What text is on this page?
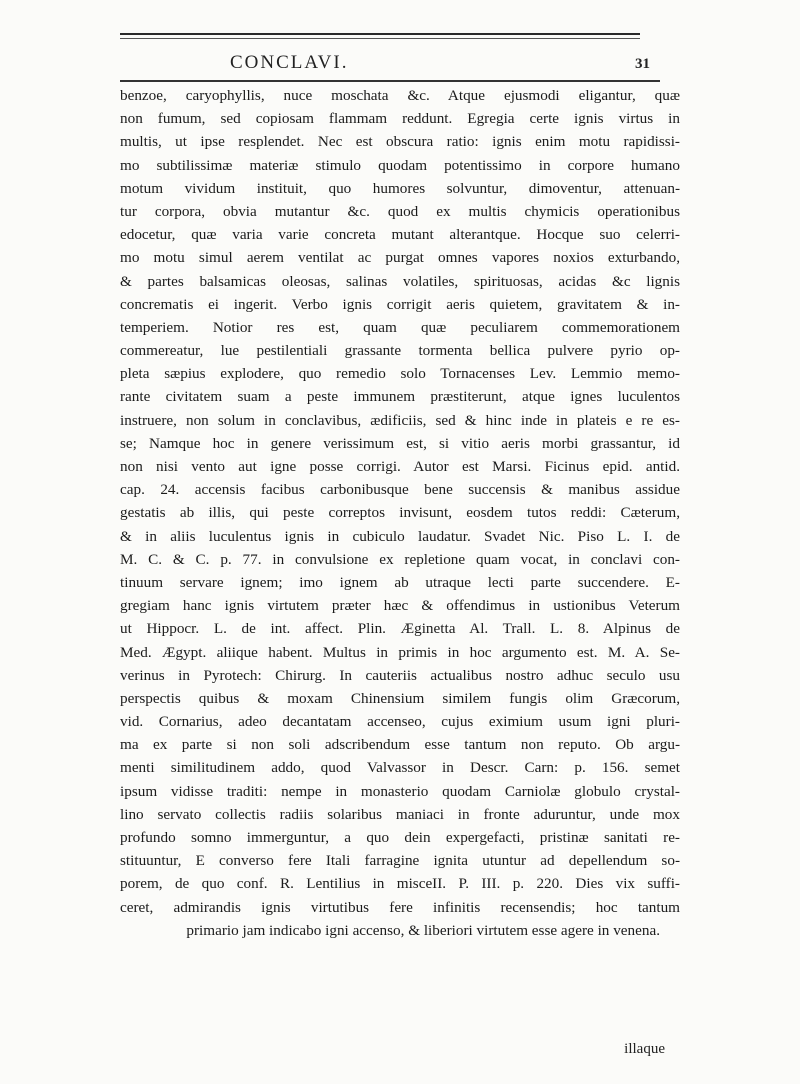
CONCLAVI.	31
benzoe, caryophyllis, nuce moschata &c. Atque ejusmodi eligantur, quæ
non fumum, sed copiosam flammam reddunt. Egregia certe ignis virtus in
multis, ut ipse resplendet. Nec est obscura ratio: ignis enim motu rapidissi-
mo subtilissimæ materiæ stimulo quodam potentissimo in corpore humano
motum vividum instituit, quo humores solvuntur, dimoventur, attenuan-
tur corpora, obvia mutantur &c. quod ex multis chymicis operationibus
edocetur, quæ varia varie concreta mutant alterantque. Hocque suo celerri-
mo motu simul aerem ventilat ac purgat omnes vapores noxios exturbando,
& partes balsamicas oleosas, salinas volatiles, spirituosas, acidas &c lignis
concrematis ei ingerit. Verbo ignis corrigit aeris quietem, gravitatem & in-
temperiem. Notior res est, quam quæ peculiarem commemorationem
commereatur, lue pestilentiali grassante tormenta bellica pulvere pyrio op-
pleta sæpius explodere, quo remedio solo Tornacenses Lev. Lemmio memo-
rante civitatem suam a peste immunem præstiterunt, atque ignes luculentos
instruere, non solum in conclavibus, ædificiis, sed & hinc inde in plateis e re es-
se; Namque hoc in genere verissimum est, si vitio aeris morbi grassantur, id
non nisi vento aut igne posse corrigi. Autor est Marsi. Ficinus epid. antid.
cap. 24. accensis facibus carbonibusque bene succensis & manibus assidue
gestatis ab illis, qui peste correptos invisunt, eosdem tutos reddi: Cæterum,
& in aliis luculentus ignis in cubiculo laudatur. Svadet Nic. Piso L. I. de
M. C. & C. p. 77. in convulsione ex repletione quam vocat, in conclavi con-
tinuum servare ignem; imo ignem ab utraque lecti parte succendere. E-
gregiam hanc ignis virtutem præter hæc & offendimus in ustionibus Veterum
ut Hippocr. L. de int. affect. Plin. Æginetta Al. Trall. L. 8. Alpinus de
Med. Ægypt. aliique habent. Multus in primis in hoc argumento est. M. A. Se-
verinus in Pyrotech: Chirurg. In cauteriis actualibus nostro adhuc seculo usu
perspectis quibus & moxam Chinensium similem fungis olim Græcorum,
vid. Cornarius, adeo decantatam accenseo, cujus eximium usum igni pluri-
ma ex parte si non soli adscribendum esse tantum non reputo. Ob argu-
menti similitudinem addo, quod Valvassor in Descr. Carn: p. 156. semet
ipsum vidisse traditi: nempe in monasterio quodam Carniolæ globulo crystal-
lino servato collectis radiis solaribus maniaci in fronte aduruntur, unde mox
profundo somno immerguntur, a quo dein expergefacti, pristinæ sanitati re-
stituuntur, E converso fere Itali farragine ignita utuntur ad depellendum so-
porem, de quo conf. R. Lentilius in misceII. P. III. p. 220. Dies vix suffi-
ceret, admirandis ignis virtutibus fere infinitis recensendis; hoc tantum
primario jam indicabo igni accenso, & liberiori virtutem esse agere in venena.
illaque
